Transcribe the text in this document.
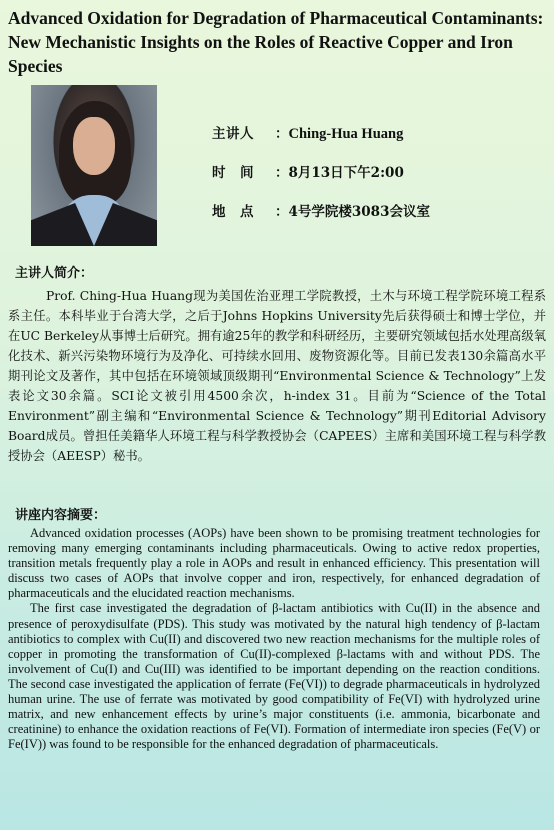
Advanced Oxidation for Degradation of Pharmaceutical Contaminants: New Mechanistic Insights on the Roles of Reactive Copper and Iron Species
主讲人 ：Ching-Hua Huang
时　间 ：8月13日下午2:00
地　点 ：4号学院楼3083会议室
主讲人简介：
Prof. Ching-Hua Huang现为美国佐治亚理工学院教授，土木与环境工程学院环境工程系系主任。本科毕业于台湾大学，之后于Johns Hopkins University先后获得硕士和博士学位，并在UC Berkeley从事博士后研究。拥有逾25年的教学和科研经历，主要研究领域包括水处理高级氧化技术、新兴污染物环境行为及净化、可持续水回用、废物资源化等。目前已发表130余篇高水平期刊论文及著作，其中包括在环境领域顶级期刊“Environmental Science & Technology”上发表论文30余篇。SCI论文被引用4500余次，h-index 31。目前为“Science of the Total Environment”副主编和“Environmental Science & Technology”期刊Editorial Advisory Board成员。曾担任美籍华人环境工程与科学教授协会（CAPEES）主席和美国环境工程与科学教授协会（AEESP）秘书。
讲座内容摘要：

Advanced oxidation processes (AOPs) have been shown to be promising treatment technologies for removing many emerging contaminants including pharmaceuticals. Owing to active redox properties, transition metals frequently play a role in AOPs and result in enhanced efficiency. This presentation will discuss two cases of AOPs that involve copper and iron, respectively, for enhanced degradation of pharmaceuticals and the elucidated reaction mechanisms.

The first case investigated the degradation of β-lactam antibiotics with Cu(II) in the absence and presence of peroxydisulfate (PDS). This study was motivated by the natural high tendency of β-lactam antibiotics to complex with Cu(II) and discovered two new reaction mechanisms for the multiple roles of copper in promoting the transformation of Cu(II)-complexed β-lactams with and without PDS. The involvement of Cu(I) and Cu(III) was identified to be important depending on the reaction conditions. The second case investigated the application of ferrate (Fe(VI)) to degrade pharmaceuticals in hydrolyzed human urine. The use of ferrate was motivated by good compatibility of Fe(VI) with hydrolyzed urine matrix, and new enhancement effects by urine’s major constituents (i.e. ammonia, bicarbonate and creatinine) to enhance the oxidation reactions of Fe(VI). Formation of intermediate iron species (Fe(V) or Fe(IV)) was found to be responsible for the enhanced degradation of pharmaceuticals.
